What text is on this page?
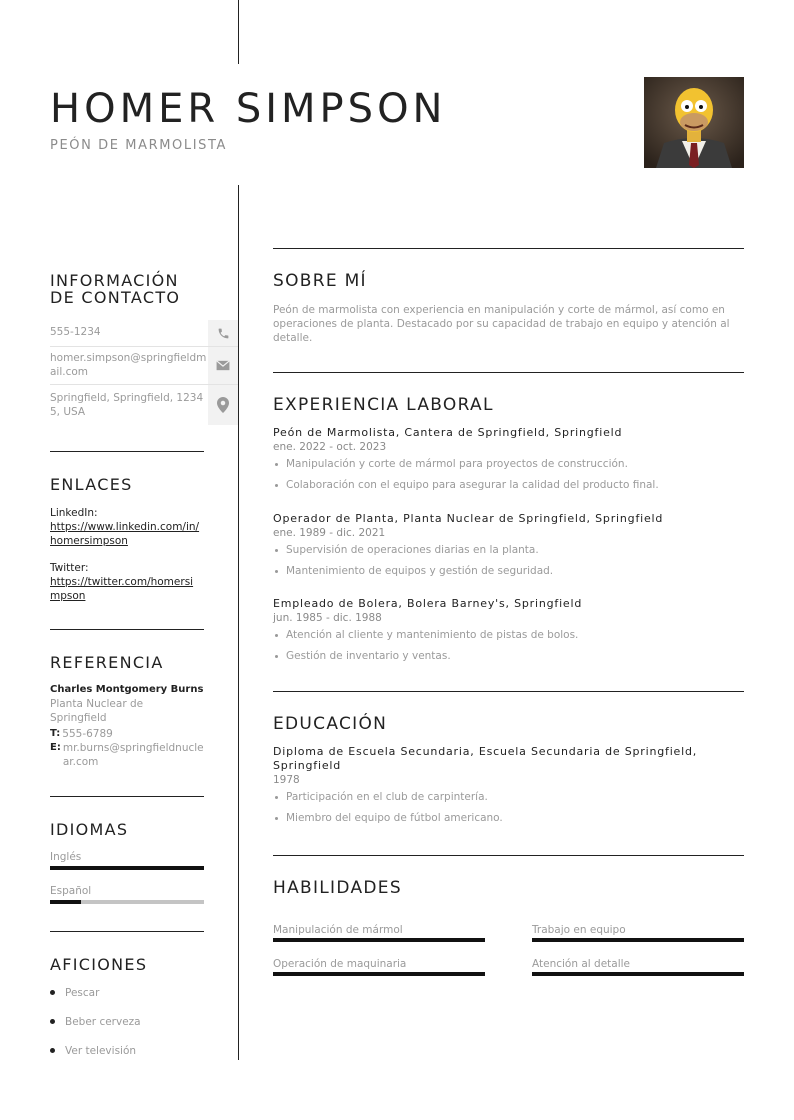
HOMER SIMPSON
PEÓN DE MARMOLISTA
INFORMACIÓN
DE CONTACTO
555-1234
homer.simpson@springfieldmail.com
Springfield, Springfield, 12345, USA
ENLACES
LinkedIn:
https://www.linkedin.com/in/homersimpson
Twitter:
https://twitter.com/homersimpson
REFERENCIA
Charles Montgomery Burns
Planta Nuclear de Springfield
T: 555-6789
E: mr.burns@springfieldnuclear.com
IDIOMAS
Inglés
Español
AFICIONES
Pescar
Beber cerveza
Ver televisión
SOBRE MÍ
Peón de marmolista con experiencia en manipulación y corte de mármol, así como en operaciones de planta. Destacado por su capacidad de trabajo en equipo y atención al detalle.
EXPERIENCIA LABORAL
Peón de Marmolista, Cantera de Springfield, Springfield
ene. 2022 - oct. 2023
Manipulación y corte de mármol para proyectos de construcción.
Colaboración con el equipo para asegurar la calidad del producto final.
Operador de Planta, Planta Nuclear de Springfield, Springfield
ene. 1989 - dic. 2021
Supervisión de operaciones diarias en la planta.
Mantenimiento de equipos y gestión de seguridad.
Empleado de Bolera, Bolera Barney's, Springfield
jun. 1985 - dic. 1988
Atención al cliente y mantenimiento de pistas de bolos.
Gestión de inventario y ventas.
EDUCACIÓN
Diploma de Escuela Secundaria, Escuela Secundaria de Springfield, Springfield
1978
Participación en el club de carpintería.
Miembro del equipo de fútbol americano.
HABILIDADES
Manipulación de mármol	Trabajo en equipo
Operación de maquinaria	Atención al detalle
